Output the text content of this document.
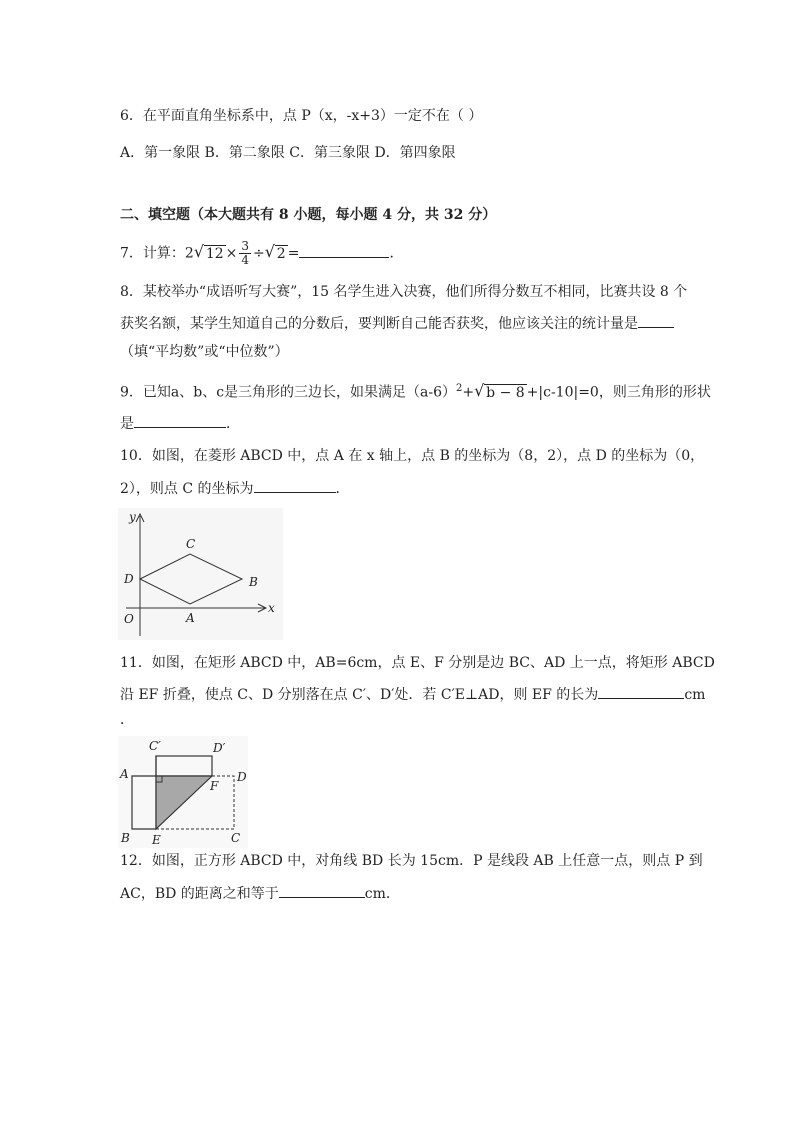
6．在平面直角坐标系中，点 P（x，-x+3）一定不在（ ）
A．第一象限 B．第二象限 C．第三象限 D．第四象限
二、填空题（本大题共有 8 小题，每小题 4 分，共 32 分）
7．计算：2 √ $12 \times \frac{3}{4}$ ÷ √ 2 =	．
8．某校举办“成语听写大赛”，15 名学生进入决赛，他们所得分数互不相同，比赛共设 8 个
获奖名额，某学生知道自己的分数后，要判断自己能否获奖，他应该关注的统计量是
（填“平均数”或“中位数”）
9．已知a、b、c是三角形的三边长，如果满足$(a-6)^2+$ √ b − 8 +|c-10|=0，则三角形的形状
是	．
10．如图，在菱形 ABCD 中，点 A 在 x 轴上，点 B 的坐标为（8，2），点 D 的坐标为（0，
2），则点 C 的坐标为	．
y
x
O	A
B
C
D
11．如图，在矩形 ABCD 中，AB=6cm，点 E、F 分别是边 BC、AD 上一点，将矩形 ABCD
沿 EF 折叠，使点 C、D 分别落在点 C′、D′处．若 C′E⊥AD，则 EF 的长为	cm
．
C′	D′
A	D
F
B E	C
12．如图，正方形 ABCD 中，对角线 BD 长为 15cm．P 是线段 AB 上任意一点，则点 P 到
AC，BD 的距离之和等于	cm．
